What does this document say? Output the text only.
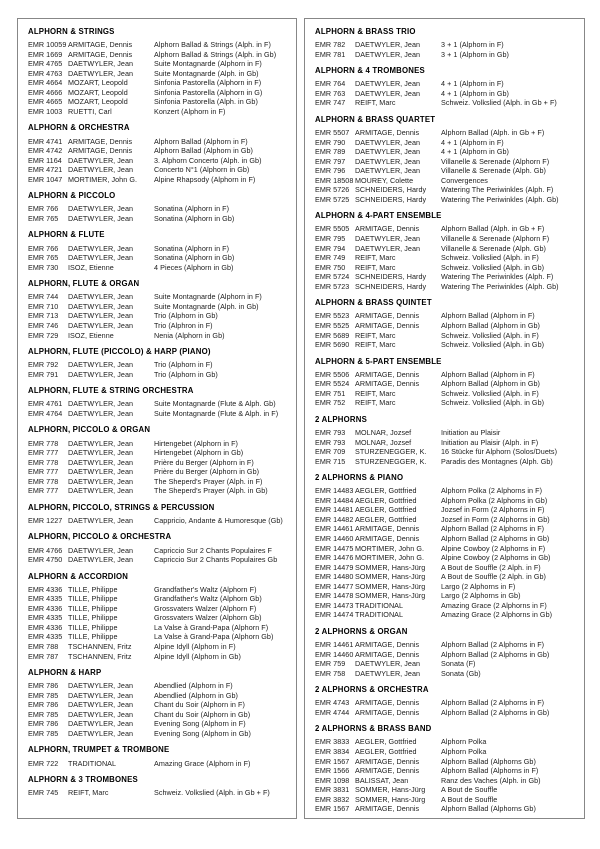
ALPHORN & STRINGS
EMR 10059 ARMITAGE, Dennis	Alphorn Ballad & Strings (Alph. in F)
EMR 1669 ARMITAGE, Dennis	Alphorn Ballad & Strings (Alph. in Gb)
EMR 4765 DAETWYLER, Jean	Suite Montagnarde (Alphorn in F)
EMR 4763 DAETWYLER, Jean	Suite Montagnarde (Alph. in Gb)
EMR 4664 MOZART, Leopold	Sinfonia Pastorella (Alphorn in F)
EMR 4666 MOZART, Leopold	Sinfonia Pastorella (Alphorn in G)
EMR 4665 MOZART, Leopold	Sinfonia Pastorella (Alph. in Gb)
EMR 1003 RUETTI, Carl	Konzert (Alphorn in F)
ALPHORN & ORCHESTRA
EMR 4741 ARMITAGE, Dennis	Alphorn Ballad (Alphorn in F)
EMR 4742 ARMITAGE, Dennis	Alphorn Ballad (Alphorn in Gb)
EMR 1164 DAETWYLER, Jean	3. Alphorn Concerto (Alph. in Gb)
EMR 4721 DAETWYLER, Jean	Concerto N°1 (Alphorn in Gb)
EMR 1047 MORTIMER, John G.	Alpine Rhapsody (Alphorn in F)
ALPHORN & PICCOLO
EMR 766	DAETWYLER, Jean	Sonatina (Alphorn in F)
EMR 765	DAETWYLER, Jean	Sonatina (Alphorn in Gb)
ALPHORN & FLUTE
EMR 766	DAETWYLER, Jean	Sonatina (Alphorn in F)
EMR 765	DAETWYLER, Jean	Sonatina (Alphorn in Gb)
EMR 730	ISOZ, Etienne	4 Pieces (Alphorn in Gb)
ALPHORN, FLUTE & ORGAN
EMR 744	DAETWYLER, Jean	Suite Montagnarde (Alphorn in F)
EMR 710	DAETWYLER, Jean	Suite Montagnarde (Alph. in Gb)
EMR 713	DAETWYLER, Jean	Trio (Alphorn in Gb)
EMR 746	DAETWYLER, Jean	Trio (Alphron in F)
EMR 729	ISOZ, Etienne	Nenia (Alphorn in Gb)
ALPHORN, FLUTE (PICCOLO) & HARP (PIANO)
EMR 792	DAETWYLER, Jean	Trio (Alphorn in F)
EMR 791	DAETWYLER, Jean	Trio (Alphorn in Gb)
ALPHORN, FLUTE & STRING ORCHESTRA
EMR 4761 DAETWYLER, Jean	Suite Montagnarde (Flute & Alph. Gb)
EMR 4764 DAETWYLER, Jean	Suite Montagnarde (Flute & Alph. in F)
ALPHORN, PICCOLO & ORGAN
EMR 778	DAETWYLER, Jean	Hirtengebet (Alphorn in F)
EMR 777	DAETWYLER, Jean	Hirtengebet (Alphorn in Gb)
EMR 778	DAETWYLER, Jean	Prière du Berger (Alphorn in F)
EMR 777	DAETWYLER, Jean	Prière du Berger (Alphorn in Gb)
EMR 778	DAETWYLER, Jean	The Sheperd's Prayer (Alph. in F)
EMR 777	DAETWYLER, Jean	The Sheperd's Prayer (Alph. in Gb)
ALPHORN, PICCOLO, STRINGS & PERCUSSION
EMR 1227 DAETWYLER, Jean	Cappricio, Andante & Humoresque (Gb)
ALPHORN, PICCOLO & ORCHESTRA
EMR 4766 DAETWYLER, Jean	Capriccio Sur 2 Chants Populaires F
EMR 4750 DAETWYLER, Jean	Capriccio Sur 2 Chants Populaires Gb
ALPHORN & ACCORDION
EMR 4336 TILLE, Philippe	Grandfather's Waltz (Alphorn F)
EMR 4335 TILLE, Philippe	Grandfather's Waltz (Alphorn Gb)
EMR 4336 TILLE, Philippe	Grossvaters Walzer (Alphorn F)
EMR 4335 TILLE, Philippe	Grossvaters Walzer (Alphorn Gb)
EMR 4336 TILLE, Philippe	La Valse à Grand-Papa (Alphorn F)
EMR 4335 TILLE, Philippe	La Valse à Grand-Papa (Alphorn Gb)
EMR 788	TSCHANNEN, Fritz	Alpine Idyll (Alphorn in F)
EMR 787	TSCHANNEN, Fritz	Alpine Idyll (Alphorn in Gb)
ALPHORN & HARP
EMR 786	DAETWYLER, Jean	Abendlied (Alphorn in F)
EMR 785	DAETWYLER, Jean	Abendlied (Alphorn in Gb)
EMR 786	DAETWYLER, Jean	Chant du Soir (Alphorn in F)
EMR 785	DAETWYLER, Jean	Chant du Soir (Alphorn in Gb)
EMR 786	DAETWYLER, Jean	Evening Song (Alphorn in F)
EMR 785	DAETWYLER, Jean	Evening Song (Alphorn in Gb)
ALPHORN, TRUMPET & TROMBONE
EMR 722	TRADITIONAL	Amazing Grace (Alphorn in F)
ALPHORN & 3 TROMBONES
EMR 745	REIFT, Marc	Schweiz. Volkslied (Alph. in Gb + F)
ALPHORN & BRASS TRIO
EMR 782	DAETWYLER, Jean	3 + 1 (Alphorn in F)
EMR 781	DAETWYLER, Jean	3 + 1 (Alphorn in Gb)
ALPHORN & 4 TROMBONES
EMR 764	DAETWYLER, Jean	4 + 1 (Alphorn in F)
EMR 763	DAETWYLER, Jean	4 + 1 (Alphorn in Gb)
EMR 747	REIFT, Marc	Schweiz. Volkslied (Alph. in Gb + F)
ALPHORN & BRASS QUARTET
EMR 5507 ARMITAGE, Dennis	Alphorn Ballad (Alph. in Gb + F)
EMR 790	DAETWYLER, Jean	4 + 1 (Alphorn in F)
EMR 789	DAETWYLER, Jean	4 + 1 (Alphorn in Gb)
EMR 797	DAETWYLER, Jean	Villanelle & Serenade (Alphorn F)
EMR 796	DAETWYLER, Jean	Villanelle & Serenade (Alph. Gb)
EMR 18508 MOUREY, Colette	Convergences
EMR 5726 SCHNEIDERS, Hardy	Watering The Periwinkles (Alph. F)
EMR 5725 SCHNEIDERS, Hardy	Watering The Periwinkles (Alph. Gb)
ALPHORN & 4-PART ENSEMBLE
EMR 5505 ARMITAGE, Dennis	Alphorn Ballad (Alph. in Gb + F)
EMR 795	DAETWYLER, Jean	Villanelle & Serenade (Alphorn F)
EMR 794	DAETWYLER, Jean	Villanelle & Serenade (Alph. Gb)
EMR 749	REIFT, Marc	Schweiz. Volkslied (Alph. in F)
EMR 750	REIFT, Marc	Schweiz. Volkslied (Alph. in Gb)
EMR 5724 SCHNEIDERS, Hardy	Watering The Periwinkles (Alph. F)
EMR 5723 SCHNEIDERS, Hardy	Watering The Periwinkles (Alph. Gb)
ALPHORN & BRASS QUINTET
EMR 5523 ARMITAGE, Dennis	Alphorn Ballad (Alphorn in F)
EMR 5525 ARMITAGE, Dennis	Alphorn Ballad (Alphorn in Gb)
EMR 5689 REIFT, Marc	Schweiz. Volkslied (Alph. in F)
EMR 5690 REIFT, Marc	Schweiz. Volkslied (Alph. in Gb)
ALPHORN & 5-PART ENSEMBLE
EMR 5506 ARMITAGE, Dennis	Alphorn Ballad (Alphorn in F)
EMR 5524 ARMITAGE, Dennis	Alphorn Ballad (Alphorn in Gb)
EMR 751	REIFT, Marc	Schweiz. Volkslied (Alph. in F)
EMR 752	REIFT, Marc	Schweiz. Volkslied (Alph. in Gb)
2 ALPHORNS
EMR 793	MOLNAR, Jozsef	Initiation au Plaisir
EMR 793	MOLNAR, Jozsef	Initiation au Plaisir (Alph. in F)
EMR 709	STURZENEGGER, K.	16 Stücke für Alphorn (Solos/Duets)
EMR 715	STURZENEGGER, K.	Paradis des Montagnes (Alph. Gb)
2 ALPHORNS & PIANO
EMR 14483 AEGLER, Gottfried	Alphorn Polka (2 Alphorns in F)
EMR 14484 AEGLER, Gottfried	Alphorn Polka (2 Alphorns in Gb)
EMR 14481 AEGLER, Gottfried	Jozsef in Form (2 Alphorns in F)
EMR 14482 AEGLER, Gottfried	Jozsef in Form (2 Alphorns in Gb)
EMR 14461 ARMITAGE, Dennis	Alphorn Ballad (2 Alphorns in F)
EMR 14460 ARMITAGE, Dennis	Alphorn Ballad (2 Alphorns in Gb)
EMR 14475 MORTIMER, John G.	Alpine Cowboy (2 Alphorns in F)
EMR 14476 MORTIMER, John G.	Alpine Cowboy (2 Alphorns in Gb)
EMR 14479 SOMMER, Hans-Jürg	A Bout de Souffle (2 Alph. in F)
EMR 14480 SOMMER, Hans-Jürg	A Bout de Souffle (2 Alph. in Gb)
EMR 14477 SOMMER, Hans-Jürg	Largo (2 Alphorns in F)
EMR 14478 SOMMER, Hans-Jürg	Largo (2 Alphorns in Gb)
EMR 14473 TRADITIONAL	Amazing Grace (2 Alphorns in F)
EMR 14474 TRADITIONAL	Amazing Grace (2 Alphorns in Gb)
2 ALPHORNS & ORGAN
EMR 14461 ARMITAGE, Dennis	Alphorn Ballad (2 Alphorns in F)
EMR 14460 ARMITAGE, Dennis	Alphorn Ballad (2 Alphorns in Gb)
EMR 759	DAETWYLER, Jean	Sonata (F)
EMR 758	DAETWYLER, Jean	Sonata (Gb)
2 ALPHORNS & ORCHESTRA
EMR 4743 ARMITAGE, Dennis	Alphorn Ballad (2 Alphorns in F)
EMR 4744 ARMITAGE, Dennis	Alphorn Ballad (2 Alphorns in Gb)
2 ALPHORNS & BRASS BAND
EMR 3833 AEGLER, Gottfried	Alphorn Polka
EMR 3834 AEGLER, Gottfried	Alphorn Polka
EMR 1567 ARMITAGE, Dennis	Alphorn Ballad (Alphorns Gb)
EMR 1566 ARMITAGE, Dennis	Alphorn Ballad (Alphorns in F)
EMR 1098 BALISSAT, Jean	Ranz des Vaches (Alph. in Gb)
EMR 3831 SOMMER, Hans-Jürg	A Bout de Souffle
EMR 3832 SOMMER, Hans-Jürg	A Bout de Souffle
EMR 1567 ARMITAGE, Dennis	Alphorn Ballad (Alphorns Gb)
